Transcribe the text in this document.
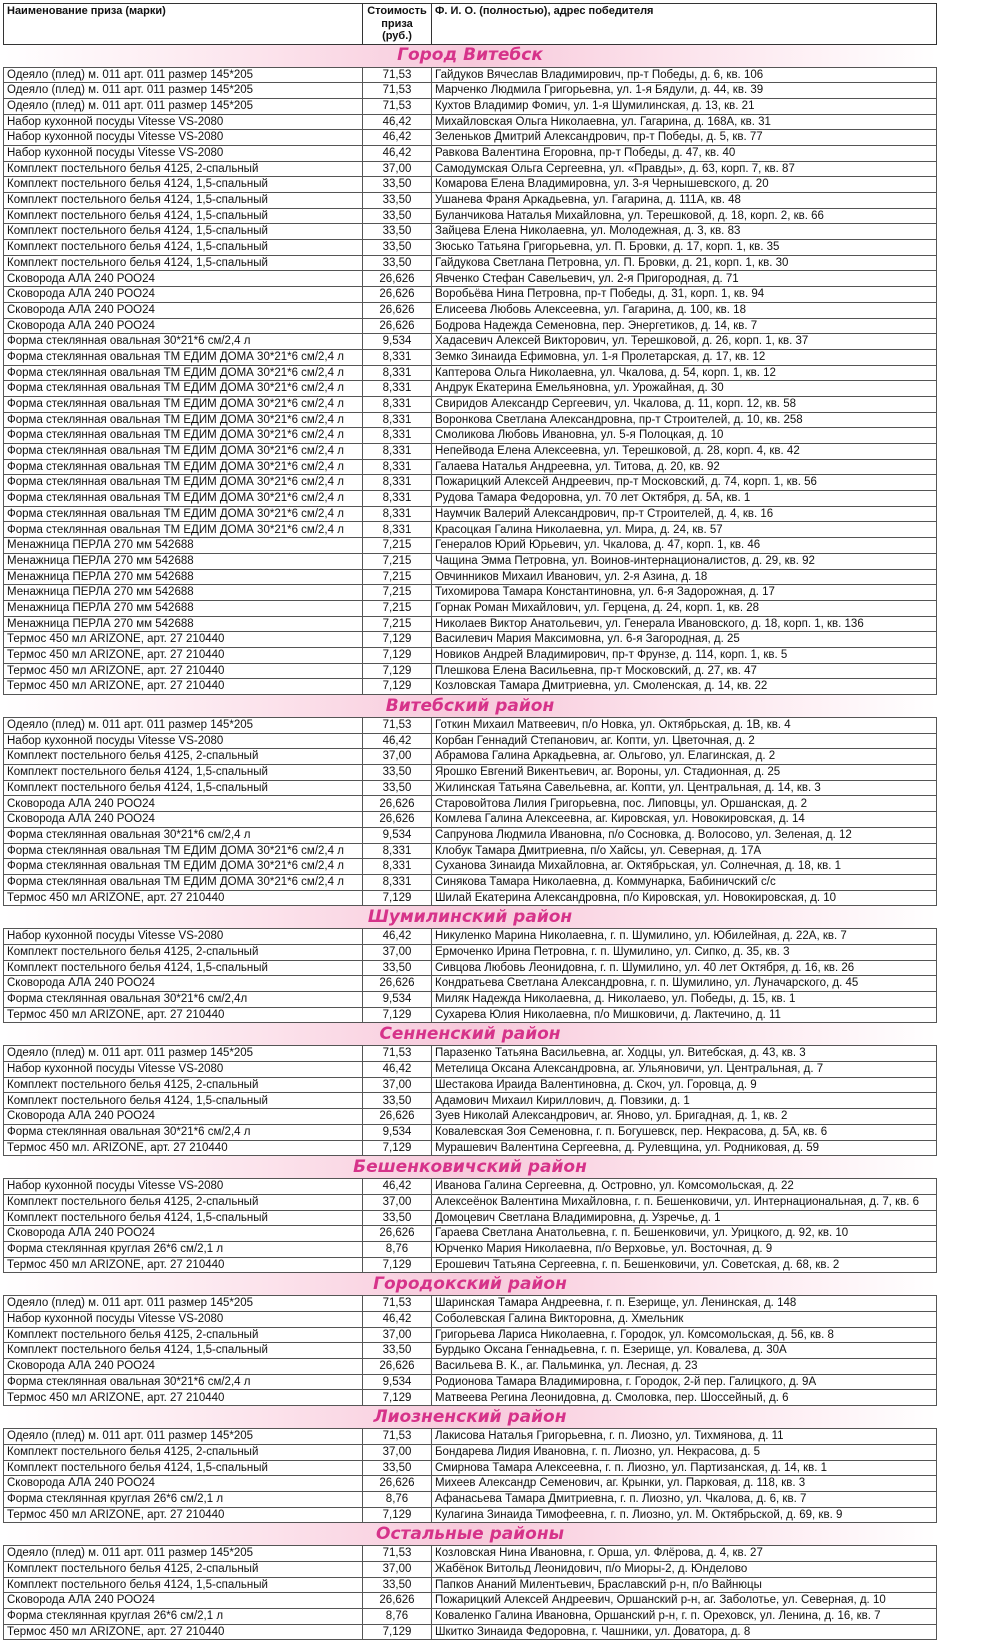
Наименование приза (марки)	Стоимость приза (руб.)	Ф. И. О. (полностью), адрес победителя
Город Витебск		
Одеяло (плед) м. 011 арт. 011 размер 145*205	71,53	Гайдуков Вячеслав Владимирович, пр-т Победы, д. 6, кв. 106
Одеяло (плед) м. 011 арт. 011 размер 145*205	71,53	Марченко Людмила Григорьевна, ул. 1-я Бядули, д. 44, кв. 39
Одеяло (плед) м. 011 арт. 011 размер 145*205	71,53	Кухтов Владимир Фомич, ул. 1-я Шумилинская, д. 13, кв. 21
Набор кухонной посуды Vitesse VS-2080	46,42	Михайловская Ольга Николаевна, ул. Гагарина, д. 168А, кв. 31
Набор кухонной посуды Vitesse VS-2080	46,42	Зеленьков Дмитрий Александрович, пр-т Победы, д. 5, кв. 77
Набор кухонной посуды Vitesse VS-2080	46,42	Равкова Валентина Егоровна, пр-т Победы, д. 47, кв. 40
Комплект постельного белья 4125, 2-спальный	37,00	Самодумская Ольга Сергеевна, ул. «Правды», д. 63, корп. 7, кв. 87
Комплект постельного белья 4124, 1,5-спальный	33,50	Комарова Елена Владимировна, ул. 3-я Чернышевского, д. 20
Комплект постельного белья 4124, 1,5-спальный	33,50	Ушанева Франя Аркадьевна, ул. Гагарина, д. 111А, кв. 48
Комплект постельного белья 4124, 1,5-спальный	33,50	Буланчикова Наталья Михайловна, ул. Терешковой, д. 18, корп. 2, кв. 66
Комплект постельного белья 4124, 1,5-спальный	33,50	Зайцева Елена Николаевна, ул. Молодежная, д. 3, кв. 83
Комплект постельного белья 4124, 1,5-спальный	33,50	Зюсько Татьяна Григорьевна, ул. П. Бровки, д. 17, корп. 1, кв. 35
Комплект постельного белья 4124, 1,5-спальный	33,50	Гайдукова Светлана Петровна, ул. П. Бровки, д. 21, корп. 1, кв. 30
Сковорода АЛА 240 РОО24	26,626	Явченко Стефан Савельевич, ул. 2-я Пригородная, д. 71
Сковорода АЛА 240 РОО24	26,626	Воробьёва Нина Петровна, пр-т Победы, д. 31, корп. 1, кв. 94
Сковорода АЛА 240 РОО24	26,626	Елисеева Любовь Алексеевна, ул. Гагарина, д. 100, кв. 18
Сковорода АЛА 240 РОО24	26,626	Бодрова Надежда Семеновна, пер. Энергетиков, д. 14, кв. 7
Форма стеклянная овальная 30*21*6 см/2,4 л	9,534	Хадасевич Алексей Викторович, ул. Терешковой, д. 26, корп. 1, кв. 37
Форма стеклянная овальная ТМ ЕДИМ ДОМА 30*21*6 см/2,4 л	8,331	Земко Зинаида Ефимовна, ул. 1-я Пролетарская, д. 17, кв. 12
Форма стеклянная овальная ТМ ЕДИМ ДОМА 30*21*6 см/2,4 л	8,331	Каптерова Ольга Николаевна, ул. Чкалова, д. 54, корп. 1, кв. 12
Форма стеклянная овальная ТМ ЕДИМ ДОМА 30*21*6 см/2,4 л	8,331	Андрук Екатерина Емельяновна, ул. Урожайная, д. 30
Форма стеклянная овальная ТМ ЕДИМ ДОМА 30*21*6 см/2,4 л	8,331	Свиридов Александр Сергеевич, ул. Чкалова, д. 11, корп. 12, кв. 58
Форма стеклянная овальная ТМ ЕДИМ ДОМА 30*21*6 см/2,4 л	8,331	Воронкова Светлана Александровна, пр-т Строителей, д. 10, кв. 258
Форма стеклянная овальная ТМ ЕДИМ ДОМА 30*21*6 см/2,4 л	8,331	Смоликова Любовь Ивановна, ул. 5-я Полоцкая, д. 10
Форма стеклянная овальная ТМ ЕДИМ ДОМА 30*21*6 см/2,4 л	8,331	Непейвода Елена Алексеевна, ул. Терешковой, д. 28, корп. 4, кв. 42
Форма стеклянная овальная ТМ ЕДИМ ДОМА 30*21*6 см/2,4 л	8,331	Галаева Наталья Андреевна, ул. Титова, д. 20, кв. 92
Форма стеклянная овальная ТМ ЕДИМ ДОМА 30*21*6 см/2,4 л	8,331	Пожарицкий Алексей Андреевич, пр-т Московский, д. 74, корп. 1, кв. 56
Форма стеклянная овальная ТМ ЕДИМ ДОМА 30*21*6 см/2,4 л	8,331	Рудова Тамара Федоровна, ул. 70 лет Октября, д. 5А, кв. 1
Форма стеклянная овальная ТМ ЕДИМ ДОМА 30*21*6 см/2,4 л	8,331	Наумчик Валерий Александрович, пр-т Строителей, д. 4, кв. 16
Форма стеклянная овальная ТМ ЕДИМ ДОМА 30*21*6 см/2,4 л	8,331	Красоцкая Галина Николаевна, ул. Мира, д. 24, кв. 57
Менажница ПЕРЛА 270 мм 542688	7,215	Генералов Юрий Юрьевич, ул. Чкалова, д. 47, корп. 1, кв. 46
Менажница ПЕРЛА 270 мм 542688	7,215	Чащина Эмма Петровна, ул. Воинов-интернационалистов, д. 29, кв. 92
Менажница ПЕРЛА 270 мм 542688	7,215	Овчинников Михаил Иванович, ул. 2-я Азина, д. 18
Менажница ПЕРЛА 270 мм 542688	7,215	Тихомирова Тамара Константиновна, ул. 6-я Задорожная, д. 17
Менажница ПЕРЛА 270 мм 542688	7,215	Горнак Роман Михайлович, ул. Герцена, д. 24, корп. 1, кв. 28
Менажница ПЕРЛА 270 мм 542688	7,215	Николаев Виктор Анатольевич, ул. Генерала Ивановского, д. 18, корп. 1, кв. 136
Термос 450 мл ARIZONE, арт. 27 210440	7,129	Василевич Мария Максимовна, ул. 6-я Загородная, д. 25
Термос 450 мл ARIZONE, арт. 27 210440	7,129	Новиков Андрей Владимирович, пр-т Фрунзе, д. 114, корп. 1, кв. 5
Термос 450 мл ARIZONE, арт. 27 210440	7,129	Плешкова Елена Васильевна, пр-т Московский, д. 27, кв. 47
Термос 450 мл ARIZONE, арт. 27 210440	7,129	Козловская Тамара Дмитриевна, ул. Смоленская, д. 14, кв. 22
Витебский район		
Одеяло (плед) м. 011 арт. 011 размер 145*205	71,53	Готкин Михаил Матвеевич, п/о Новка, ул. Октябрьская, д. 1В, кв. 4
Набор кухонной посуды Vitesse VS-2080	46,42	Корбан Геннадий Степанович, аг. Копти, ул. Цветочная, д. 2
Комплект постельного белья 4125, 2-спальный	37,00	Абрамова Галина Аркадьевна, аг. Ольгово, ул. Елагинская, д. 2
Комплект постельного белья 4124, 1,5-спальный	33,50	Ярошко Евгений Викентьевич, аг. Вороны, ул. Стадионная, д. 25
Комплект постельного белья 4124, 1,5-спальный	33,50	Жилинская Татьяна Савельевна, аг. Копти, ул. Центральная, д. 14, кв. 3
Сковорода АЛА 240 РОО24	26,626	Старовойтова Лилия Григорьевна, пос. Липовцы, ул. Оршанская, д. 2
Сковорода АЛА 240 РОО24	26,626	Комлева Галина Алексеевна, аг. Кировская, ул. Новокировская, д. 14
Форма стеклянная овальная 30*21*6 см/2,4 л	9,534	Сапрунова Людмила Ивановна, п/о Сосновка, д. Волосово, ул. Зеленая, д. 12
Форма стеклянная овальная ТМ ЕДИМ ДОМА 30*21*6 см/2,4 л	8,331	Клобук Тамара Дмитриевна, п/о Хайсы, ул. Северная, д. 17А
Форма стеклянная овальная ТМ ЕДИМ ДОМА 30*21*6 см/2,4 л	8,331	Суханова Зинаида Михайловна, аг. Октябрьская, ул. Солнечная, д. 18, кв. 1
Форма стеклянная овальная ТМ ЕДИМ ДОМА 30*21*6 см/2,4 л	8,331	Синякова Тамара Николаевна, д. Коммунарка, Бабиничский с/с
Термос 450 мл ARIZONE, арт. 27 210440	7,129	Шилай Екатерина Александровна, п/о Кировская, ул. Новокировская, д. 10
Шумилинский район		
Набор кухонной посуды Vitesse VS-2080	46,42	Никуленко Марина Николаевна, г. п. Шумилино, ул. Юбилейная, д. 22А, кв. 7
Комплект постельного белья 4125, 2-спальный	37,00	Ермоченко Ирина Петровна, г. п. Шумилино, ул. Сипко, д. 35, кв. 3
Комплект постельного белья 4124, 1,5-спальный	33,50	Сивцова Любовь Леонидовна, г. п. Шумилино, ул. 40 лет Октября, д. 16, кв. 26
Сковорода АЛА 240 РОО24	26,626	Кондратьева Светлана Александровна, г. п. Шумилино, ул. Луначарского, д. 45
Форма стеклянная овальная 30*21*6 см/2,4л	9,534	Миляк Надежда Николаевна, д. Николаево, ул. Победы, д. 15, кв. 1
Термос 450 мл ARIZONE, арт. 27 210440	7,129	Сухарева Юлия Николаевна, п/о Мишковичи, д. Лактечино, д. 11
Сенненский район		
Одеяло (плед) м. 011 арт. 011 размер 145*205	71,53	Паразенко Татьяна Васильевна, аг. Ходцы, ул. Витебская, д. 43, кв. 3
Набор кухонной посуды Vitesse VS-2080	46,42	Метелица Оксана Александровна, аг. Ульяновичи, ул. Центральная, д. 7
Комплект постельного белья 4125, 2-спальный	37,00	Шестакова Ираида Валентиновна, д. Скоч, ул. Горовца, д. 9
Комплект постельного белья 4124, 1,5-спальный	33,50	Адамович Михаил Кириллович, д. Повзики, д. 1
Сковорода АЛА 240 РОО24	26,626	Зуев Николай Александрович, аг. Яново, ул. Бригадная, д. 1, кв. 2
Форма стеклянная овальная 30*21*6 см/2,4 л	9,534	Ковалевская Зоя Семеновна, г. п. Богушевск, пер. Некрасова, д. 5А, кв. 6
Термос 450 мл. ARIZONE, арт. 27 210440	7,129	Мурашевич Валентина Сергеевна, д. Рулевщина, ул. Родниковая, д. 59
Бешенковичский район		
Набор кухонной посуды Vitesse VS-2080	46,42	Иванова Галина Сергеевна, д. Островно, ул. Комсомольская, д. 22
Комплект постельного белья 4125, 2-спальный	37,00	Алексеёнок Валентина Михайловна, г. п. Бешенковичи, ул. Интернациональная, д. 7, кв. 6
Комплект постельного белья 4124, 1,5-спальный	33,50	Домоцевич Светлана Владимировна, д. Узречье, д. 1
Сковорода АЛА 240 РОО24	26,626	Гараева Светлана Анатольевна, г. п. Бешенковичи, ул. Урицкого, д. 92, кв. 10
Форма стеклянная круглая 26*6 см/2,1 л	8,76	Юрченко Мария Николаевна, п/о Верховье, ул. Восточная, д. 9
Термос 450 мл ARIZONE, арт. 27 210440	7,129	Ерошевич Татьяна Сергеевна, г. п. Бешенковичи, ул. Советская, д. 68, кв. 2
Городокский район		
Одеяло (плед) м. 011 арт. 011 размер 145*205	71,53	Шаринская Тамара Андреевна, г. п. Езерище, ул. Ленинская, д. 148
Набор кухонной посуды Vitesse VS-2080	46,42	Соболевская Галина Викторовна, д. Хмельник
Комплект постельного белья 4125, 2-спальный	37,00	Григорьева Лариса Николаевна, г. Городок, ул. Комсомольская, д. 56, кв. 8
Комплект постельного белья 4124, 1,5-спальный	33,50	Бурдыко Оксана Геннадьевна, г. п. Езерище, ул. Ковалева, д. 30А
Сковорода АЛА 240 РОО24	26,626	Васильева В. К., аг. Пальминка, ул. Лесная, д. 23
Форма стеклянная овальная 30*21*6 см/2,4 л	9,534	Родионова Тамара Владимировна, г. Городок, 2-й пер. Галицкого, д. 9А
Термос 450 мл ARIZONE, арт. 27 210440	7,129	Матвеева Регина Леонидовна, д. Смоловка, пер. Шоссейный, д. 6
Лиозненский район		
Одеяло (плед) м. 011 арт. 011 размер 145*205	71,53	Лакисова Наталья Григорьевна, г. п. Лиозно, ул. Тихмянова, д. 11
Комплект постельного белья 4125, 2-спальный	37,00	Бондарева Лидия Ивановна, г. п. Лиозно, ул. Некрасова, д. 5
Комплект постельного белья 4124, 1,5-спальный	33,50	Смирнова Тамара Алексеевна, г. п. Лиозно, ул. Партизанская, д. 14, кв. 1
Сковорода АЛА 240 РОО24	26,626	Михеев Александр Семенович, аг. Крынки, ул. Парковая, д. 118, кв. 3
Форма стеклянная круглая 26*6 см/2,1 л	8,76	Афанасьева Тамара Дмитриевна, г. п. Лиозно, ул. Чкалова, д. 6, кв. 7
Термос 450 мл ARIZONE, арт. 27 210440	7,129	Кулагина Зинаида Тимофеевна, г. п. Лиозно, ул. М. Октябрьской, д. 69, кв. 9
Остальные районы		
Одеяло (плед) м. 011 арт. 011 размер 145*205	71,53	Козловская Нина Ивановна, г. Орша, ул. Флёрова, д. 4, кв. 27
Комплект постельного белья 4125, 2-спальный	37,00	Жабёнок Витольд Леонидович, п/о Миоры-2, д. Юнделово
Комплект постельного белья 4124, 1,5-спальный	33,50	Папков Ананий Милентьевич, Браславский р-н, п/о Вайнюцы
Сковорода АЛА 240 РОО24	26,626	Пожарицкий Алексей Андреевич, Оршанский р-н, аг. Заболотье, ул. Северная, д. 10
Форма стеклянная круглая 26*6 см/2,1 л	8,76	Коваленко Галина Ивановна, Оршанский р-н, г. п. Ореховск, ул. Ленина, д. 16, кв. 7
Термос 450 мл ARIZONE, арт. 27 210440	7,129	Шкитко Зинаида Федоровна, г. Чашники, ул. Доватора, д. 8
